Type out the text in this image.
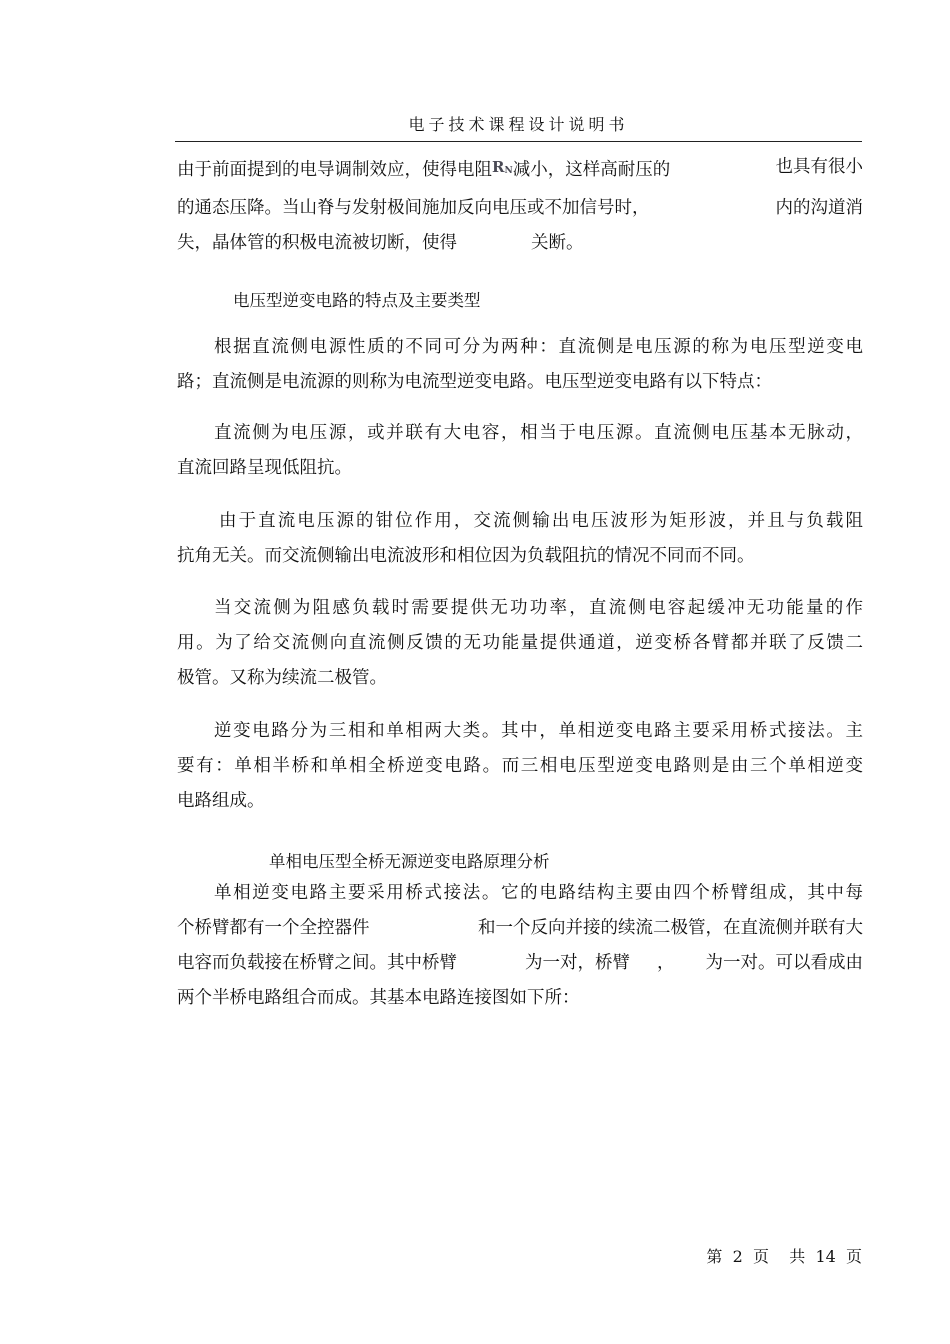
电子技术课程设计说明书
由于前面提到的电导调制效应，使得电阻$R_N$减小，这样高耐压的	也具有很小
的通态压降。当山脊与发射极间施加反向电压或不加信号时，	内的沟道消
失，晶体管的积极电流被切断，使得	关断。
电压型逆变电路的特点及主要类型
根据直流侧电源性质的不同可分为两种：直流侧是电压源的称为电压型逆变电
路；直流侧是电流源的则称为电流型逆变电路。电压型逆变电路有以下特点：
直流侧为电压源，或并联有大电容，相当于电压源。直流侧电压基本无脉动，
直流回路呈现低阻抗。
由于直流电压源的钳位作用，交流侧输出电压波形为矩形波，并且与负载阻
抗角无关。而交流侧输出电流波形和相位因为负载阻抗的情况不同而不同。
当交流侧为阻感负载时需要提供无功功率，直流侧电容起缓冲无功能量的作
用。为了给交流侧向直流侧反馈的无功能量提供通道，逆变桥各臂都并联了反馈二
极管。又称为续流二极管。
逆变电路分为三相和单相两大类。其中，单相逆变电路主要采用桥式接法。主
要有：单相半桥和单相全桥逆变电路。而三相电压型逆变电路则是由三个单相逆变
电路组成。
单相电压型全桥无源逆变电路原理分析
单相逆变电路主要采用桥式接法。它的电路结构主要由四个桥臂组成，其中每
个桥臂都有一个全控器件	和一个反向并接的续流二极管，在直流侧并联有大
电容而负载接在桥臂之间。其中桥臂	为一对，桥臂 ， 为一对。可以看成由
两个半桥电路组合而成。其基本电路连接图如下所：
第  2  页    共  14  页
